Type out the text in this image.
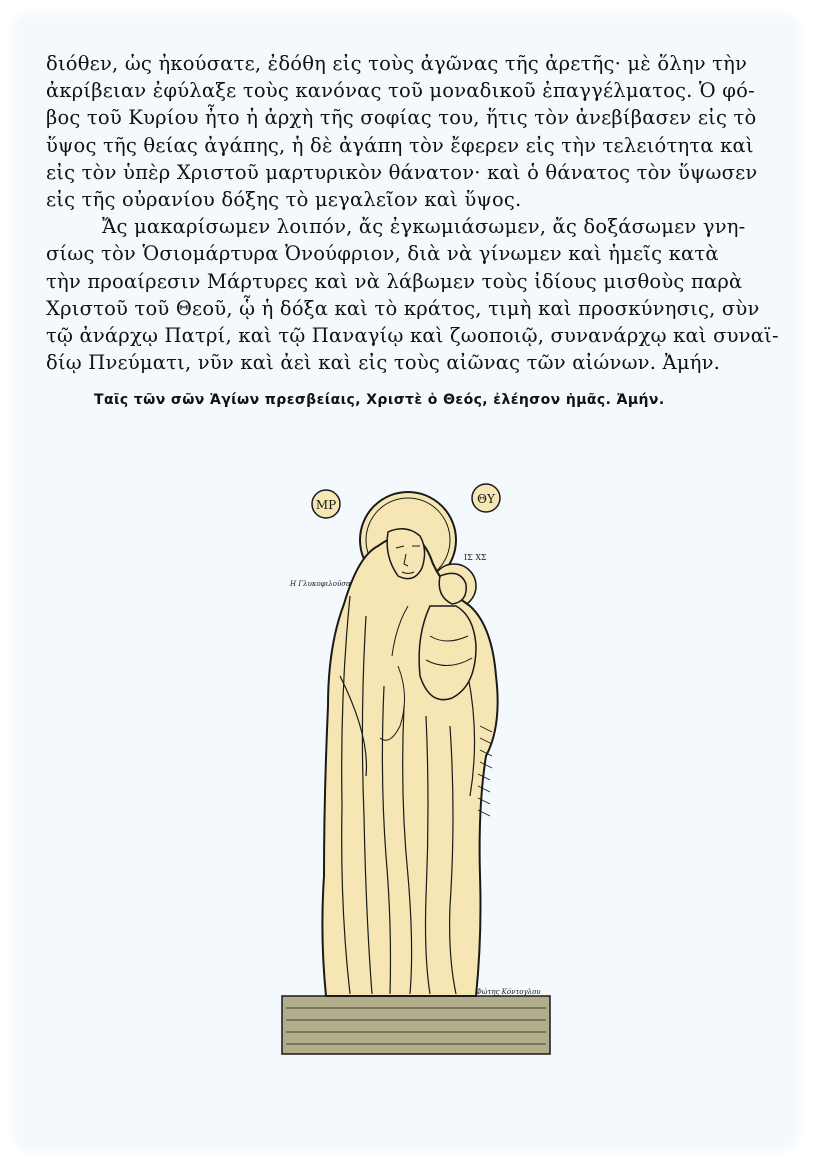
διόθεν, ὡς ἠκούσατε, ἐδόθη εἰς τοὺς ἀγῶνας τῆς ἀρετῆς· μὲ ὅλην τὴν
ἀκρίβειαν ἐφύλαξε τοὺς κανόνας τοῦ μοναδικοῦ ἐπαγγέλματος. Ὁ φό-
βος τοῦ Κυρίου ἦτο ἡ ἀρχὴ τῆς σοφίας του, ἥτις τὸν ἀνεβίβασεν εἰς τὸ
ὕψος τῆς θείας ἀγάπης, ἡ δὲ ἀγάπη τὸν ἔφερεν εἰς τὴν τελειότητα καὶ
εἰς τὸν ὑπὲρ Χριστοῦ μαρτυρικὸν θάνατον· καὶ ὁ θάνατος τὸν ὕψωσεν
εἰς τῆς οὐρανίου δόξης τὸ μεγαλεῖον καὶ ὕψος.

Ἄς μακαρίσωμεν λοιπόν, ἄς ἐγκωμιάσωμεν, ἄς δοξάσωμεν γνη-
σίως τὸν Ὁσιομάρτυρα Ὀνούφριον, διὰ νὰ γίνωμεν καὶ ἡμεῖς κατὰ
τὴν προαίρεσιν Μάρτυρες καὶ νὰ λάβωμεν τοὺς ἰδίους μισθοὺς παρὰ
Χριστοῦ τοῦ Θεοῦ, ᾧ ἡ δόξα καὶ τὸ κράτος, τιμὴ καὶ προσκύνησις, σὺν
τῷ ἀνάρχῳ Πατρί, καὶ τῷ Παναγίῳ καὶ ζωοποιῷ, συνανάρχῳ καὶ συναϊ-
δίῳ Πνεύματι, νῦν καὶ ἀεὶ καὶ εἰς τοὺς αἰῶνας τῶν αἰώνων. Ἀμήν.

Ταῖς τῶν σῶν Ἁγίων πρεσβείαις, Χριστὲ ὁ Θεός, ἐλέησον ἡμᾶς. Ἀμήν.
ΜΡ	ΘΥ
Η Γλυκοφιλοῦσα
ΙΣ ΧΣ
Φώτης Κόντογλου
